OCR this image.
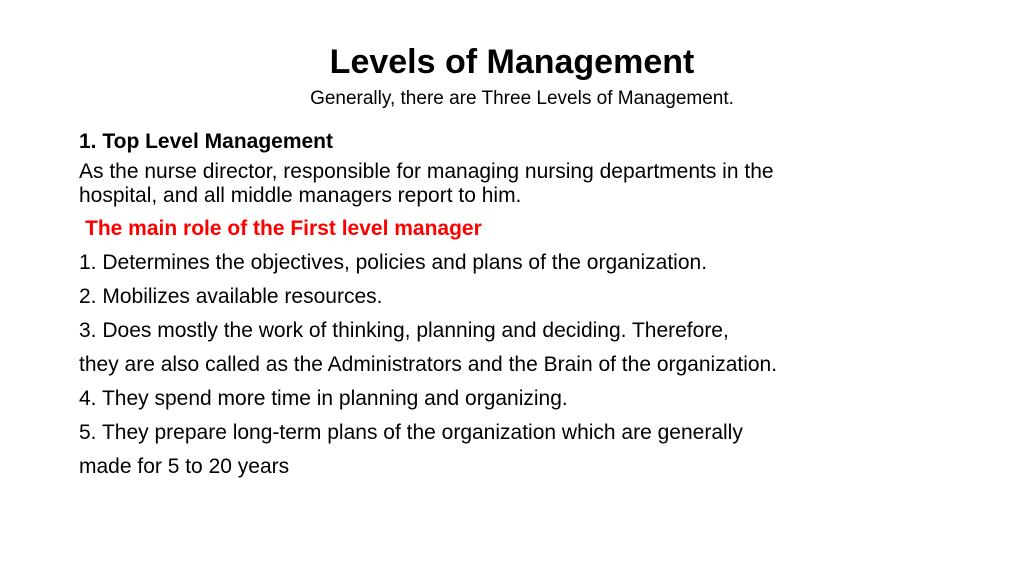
Levels of Management
Generally, there are Three Levels of Management.
1. Top Level Management
As the nurse director, responsible for managing nursing departments in the
hospital, and all middle managers report to him.
The main role of the First level manager
1. Determines the objectives, policies and plans of the organization.
2. Mobilizes available resources.
3. Does mostly the work of thinking, planning and deciding. Therefore,
they are also called as the Administrators and the Brain of the organization.
4. They spend more time in planning and organizing.
5. They prepare long-term plans of the organization which are generally
made for 5 to 20 years
